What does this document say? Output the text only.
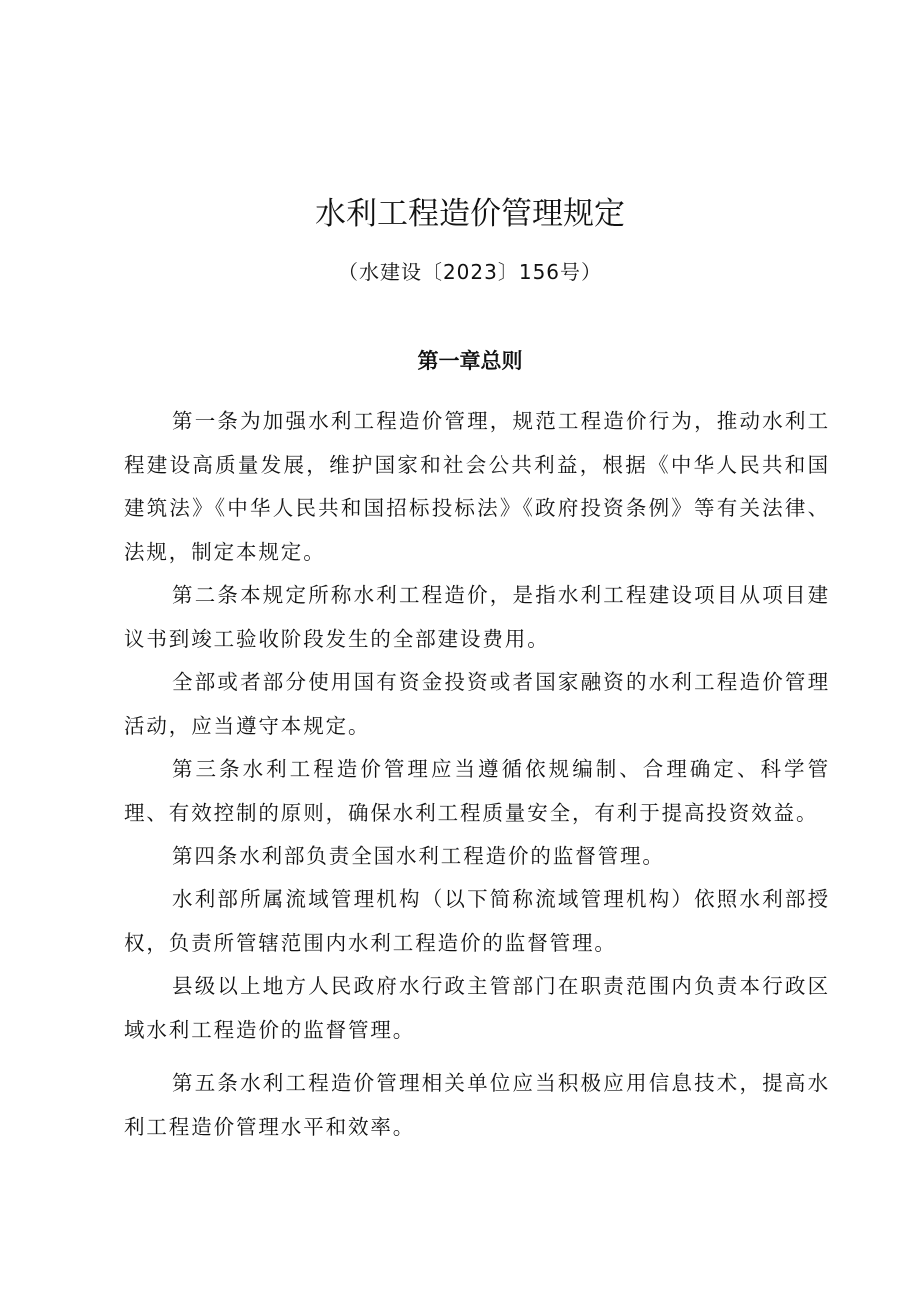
水利工程造价管理规定
（水建设〔2023〕156号）
第一章总则

第一条为加强水利工程造价管理，规范工程造价行为，推动水利工程建设高质量发展，维护国家和社会公共利益，根据《中华人民共和国建筑法》《中华人民共和国招标投标法》《政府投资条例》等有关法律、法规，制定本规定。

第二条本规定所称水利工程造价，是指水利工程建设项目从项目建议书到竣工验收阶段发生的全部建设费用。

全部或者部分使用国有资金投资或者国家融资的水利工程造价管理活动，应当遵守本规定。

第三条水利工程造价管理应当遵循依规编制、合理确定、科学管理、有效控制的原则，确保水利工程质量安全，有利于提高投资效益。

第四条水利部负责全国水利工程造价的监督管理。

水利部所属流域管理机构（以下简称流域管理机构）依照水利部授权，负责所管辖范围内水利工程造价的监督管理。

县级以上地方人民政府水行政主管部门在职责范围内负责本行政区域水利工程造价的监督管理。

第五条水利工程造价管理相关单位应当积极应用信息技术，提高水利工程造价管理水平和效率。
